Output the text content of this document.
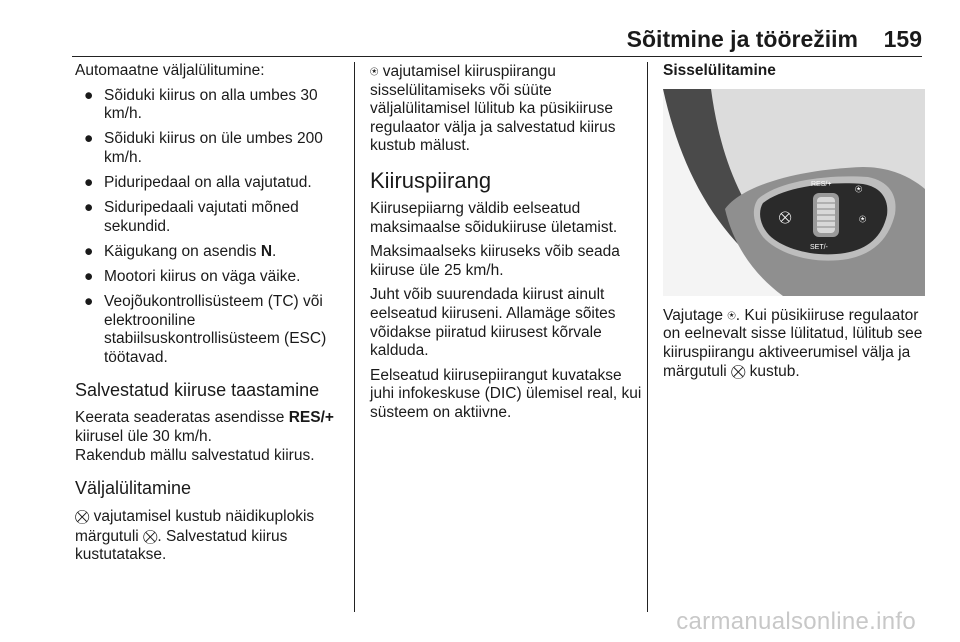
Sõitmine ja töörežiim 159

Automaatne väljalülitumine:

● Sõiduki kiirus on alla umbes 30 km/h.
● Sõiduki kiirus on üle umbes 200 km/h.
● Piduripedaal on alla vajutatud.
● Siduripedaali vajutati mõned sekundid.
● Käigukang on asendis N.
● Mootori kiirus on väga väike.
● Veojõukontrollisüsteem (TC) või elektrooniline stabiilsuskontrollisüsteem (ESC) töötavad.
Salvestatud kiiruse taastamine

Keerata seaderatas asendisse RES/+ kiirusel üle 30 km/h.
Rakendub mällu salvestatud kiirus.

Väljalülitamine

⛒ vajutamisel kustub näidikuplokis märgutuli ⛒. Salvestatud kiirus kustutatakse.

⍟ vajutamisel kiiruspiirangu sisselülitamiseks või süüte väljalülitamisel lülitub ka püsikiiruse regulaator välja ja salvestatud kiirus kustub mälust.

Kiiruspiirang

Kiirusepiiarng väldib eelseatud maksimaalse sõidukiiruse ületamist.

Maksimaalseks kiiruseks võib seada kiiruse üle 25 km/h.

Juht võib suurendada kiirust ainult eelseatud kiiruseni. Allamäge sõites võidakse piiratud kiirusest kõrvale kalduda.

Eelseatud kiirusepiirangut kuvatakse juhi infokeskuse (DIC) ülemisel real, kui süsteem on aktiivne.

Sisselülitamine
RES/+
SET/-
⛒
⍟
⍟

Vajutage ⍟. Kui püsikiiruse regulaator on eelnevalt sisse lülitatud, lülitub see kiiruspiirangu aktiveerumisel välja ja märgutuli ⛒ kustub.

carmanualsonline.info
